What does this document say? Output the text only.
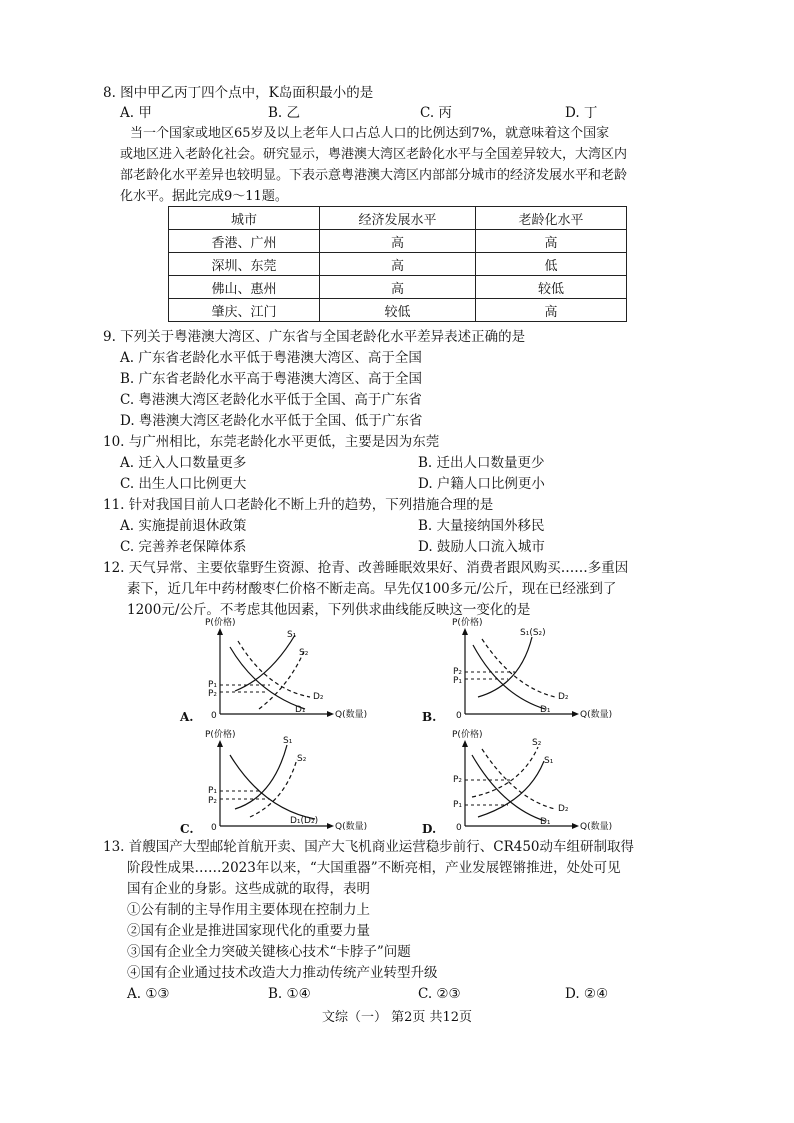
8. 图中甲乙丙丁四个点中，K岛面积最小的是
A. 甲	B. 乙	C. 丙	D. 丁
当一个国家或地区65岁及以上老年人口占总人口的比例达到7%，就意味着这个国家
或地区进入老龄化社会。研究显示，粤港澳大湾区老龄化水平与全国差异较大，大湾区内
部老龄化水平差异也较明显。下表示意粤港澳大湾区内部部分城市的经济发展水平和老龄
化水平。据此完成9～11题。
城市	经济发展水平	老龄化水平
香港、广州	高	高
深圳、东莞	高	低
佛山、惠州	高	较低
肇庆、江门	较低	高
9. 下列关于粤港澳大湾区、广东省与全国老龄化水平差异表述正确的是
A. 广东省老龄化水平低于粤港澳大湾区、高于全国
B. 广东省老龄化水平高于粤港澳大湾区、高于全国
C. 粤港澳大湾区老龄化水平低于全国、高于广东省
D. 粤港澳大湾区老龄化水平低于全国、低于广东省
10. 与广州相比，东莞老龄化水平更低，主要是因为东莞
A. 迁入人口数量更多	B. 迁出人口数量更少
C. 出生人口比例更大	D. 户籍人口比例更小
11. 针对我国目前人口老龄化不断上升的趋势，下列措施合理的是
A. 实施提前退休政策	B. 大量接纳国外移民
C. 完善养老保障体系	D. 鼓励人口流入城市
12. 天气异常、主要依靠野生资源、抢青、改善睡眠效果好、消费者跟风购买……多重因
素下，近几年中药材酸枣仁价格不断走高。早先仅100多元/公斤，现在已经涨到了
1200元/公斤。不考虑其他因素，下列供求曲线能反映这一变化的是
P(价格)
0	Q(数量)
S₁
S₂
D₂
D₁
P₁
P₂
A.
P(价格)
0	Q(数量)
S₁(S₂)
D₂
D₁
P₂
P₁
B.
P(价格)
0	Q(数量)
S₁
S₂
D₁(D₂)
P₁
P₂
C.
P(价格)
0	Q(数量)
S₂
S₁
D₂
D₁
P₂
P₁
D.
13. 首艘国产大型邮轮首航开卖、国产大飞机商业运营稳步前行、CR450动车组研制取得
阶段性成果……2023年以来，“大国重器”不断亮相，产业发展铿锵推进，处处可见
国有企业的身影。这些成就的取得，表明
①公有制的主导作用主要体现在控制力上
②国有企业是推进国家现代化的重要力量
③国有企业全力突破关键核心技术“卡脖子”问题
④国有企业通过技术改造大力推动传统产业转型升级
A. ①③	B. ①④	C. ②③	D. ②④
文综（一） 第2页 共12页
